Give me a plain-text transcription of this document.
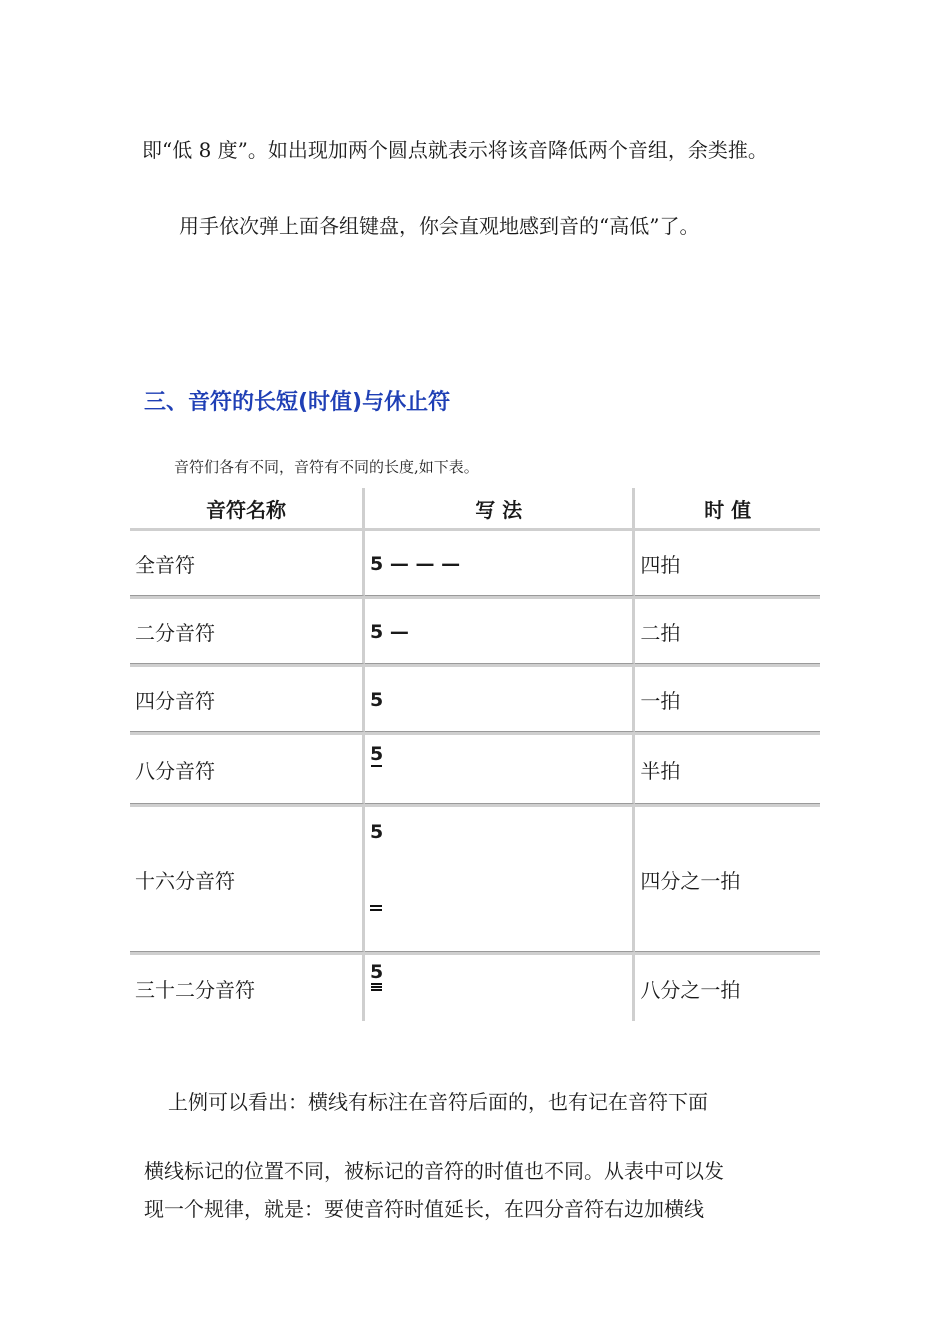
即“低 8 度”。如出现加两个圆点就表示将该音降低两个音组，余类推。
用手依次弹上面各组键盘，你会直观地感到音的“高低”了。
三、音符的长短(时值)与休止符
音符们各有不同，音符有不同的长度,如下表。
音符名称	写 法	时 值
全音符	5 — — —	四拍
二分音符	5 —	二拍
四分音符	5	一拍
八分音符	5	半拍
十六分音符	5	四分之一拍
三十二分音符	5	八分之一拍
上例可以看出：横线有标注在音符后面的，也有记在音符下面
横线标记的位置不同，被标记的音符的时值也不同。从表中可以发
现一个规律，就是：要使音符时值延长，在四分音符右边加横线
